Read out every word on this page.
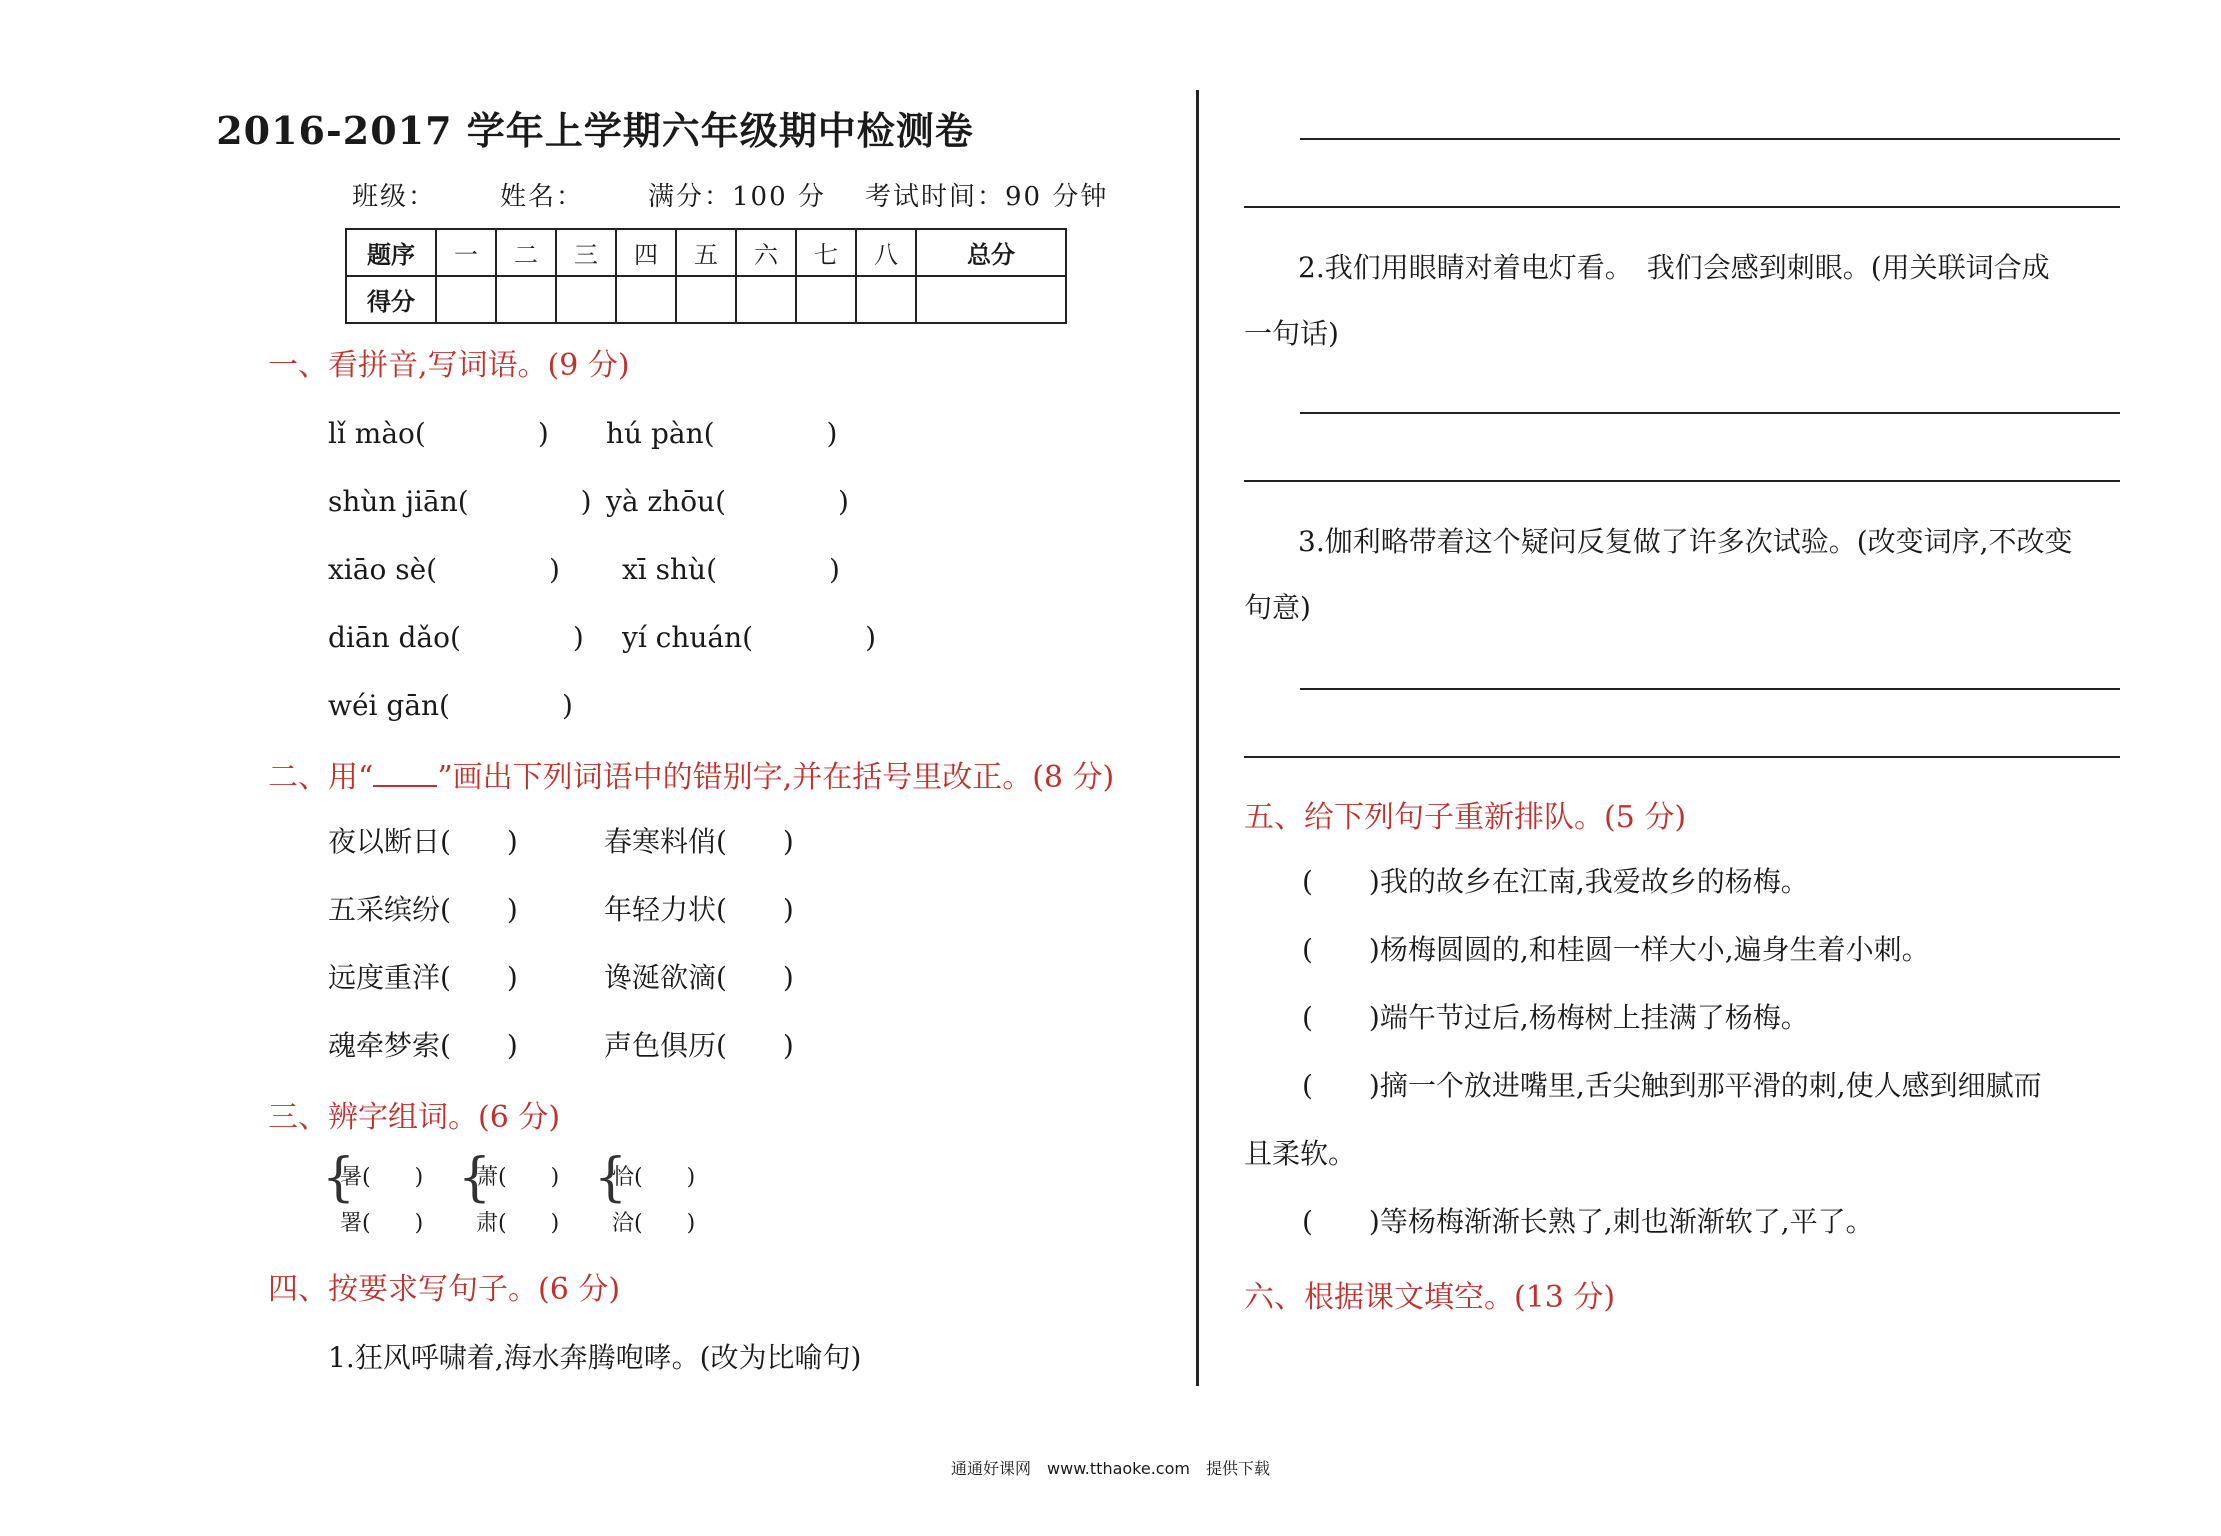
2016-2017 学年上学期六年级期中检测卷
班级： 姓名： 满分：100 分 考试时间：90 分钟
题序	一	二	三	四	五	六	七	八	总分
得分									
一、看拼音,写词语。(9 分)
lǐ mào(　　　　) hú pàn(　　　　)
shùn jiān(　　　　) yà zhōu(　　　　)
xiāo sè(　　　　) xī shù(　　　　)
diān dǎo(　　　　) yí chuán(　　　　)
wéi gān(　　　　)
二、用“ ”画出下列词语中的错别字,并在括号里改正。(8 分)
夜以断日(　　)	春寒料俏(　　)
五采缤纷(　　)	年轻力状(　　)
远度重洋(　　)	谗涎欲滴(　　)
魂牵梦索(　　)	声色俱历(　　)
三、辨字组词。(6 分)
{
暑(　　)
署(　　)
{
萧(　　)
肃(　　)
{
恰(　　)
洽(　　)
四、按要求写句子。(6 分)
1.狂风呼啸着,海水奔腾咆哮。(改为比喻句)
2.我们用眼睛对着电灯看。　我们会感到刺眼。(用关联词合成
一句话)
3.伽利略带着这个疑问反复做了许多次试验。(改变词序,不改变
句意)
五、给下列句子重新排队。(5 分)
(　　)我的故乡在江南,我爱故乡的杨梅。
(　　)杨梅圆圆的,和桂圆一样大小,遍身生着小刺。
(　　)端午节过后,杨梅树上挂满了杨梅。
(　　)摘一个放进嘴里,舌尖触到那平滑的刺,使人感到细腻而
且柔软。
(　　)等杨梅渐渐长熟了,刺也渐渐软了,平了。
六、根据课文填空。(13 分)
通通好课网　www.tthaoke.com　提供下载
